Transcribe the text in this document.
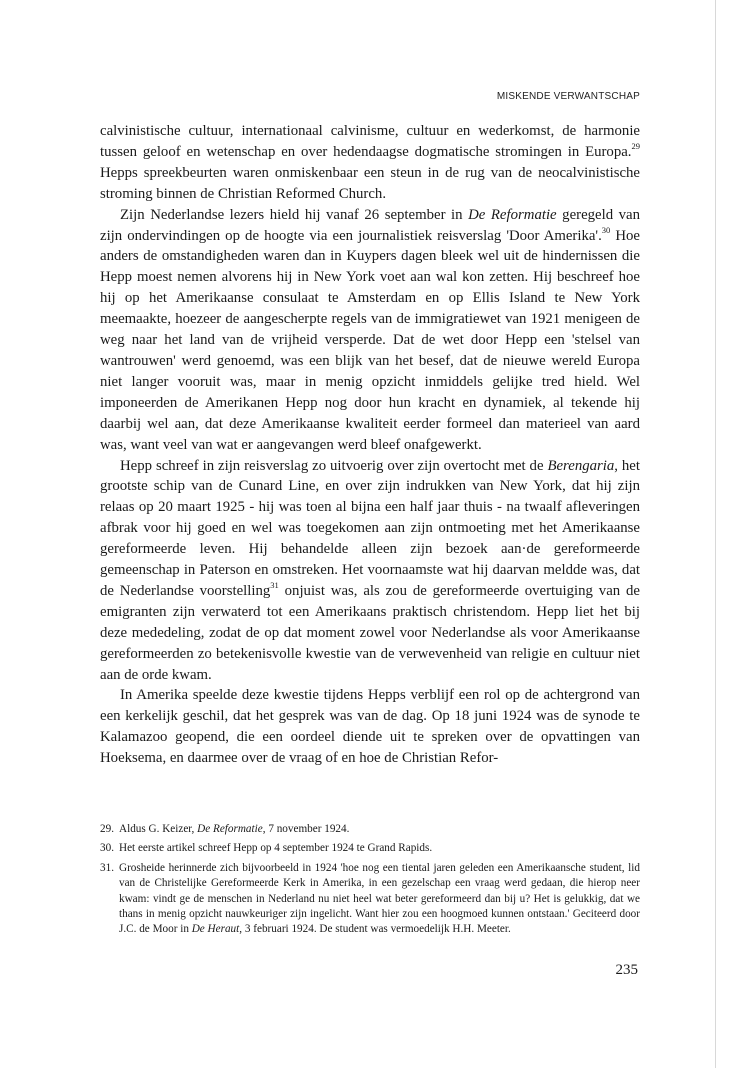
MISKENDE VERWANTSCHAP

calvinistische cultuur, internationaal calvinisme, cultuur en wederkomst, de harmonie tussen geloof en wetenschap en over hedendaagse dogmatische stromingen in Europa.$^{29}$ Hepps spreekbeurten waren onmiskenbaar een steun in de rug van de neocalvinistische stroming binnen de Christian Reformed Church.

Zijn Nederlandse lezers hield hij vanaf 26 september in De Reformatie geregeld van zijn ondervindingen op de hoogte via een journalistiek reisverslag 'Door Amerika'.$^{30}$ Hoe anders de omstandigheden waren dan in Kuypers dagen bleek wel uit de hindernissen die Hepp moest nemen alvorens hij in New York voet aan wal kon zetten. Hij beschreef hoe hij op het Amerikaanse consulaat te Amsterdam en op Ellis Island te New York meemaakte, hoezeer de aangescherpte regels van de immigratiewet van 1921 menigeen de weg naar het land van de vrijheid versperde. Dat de wet door Hepp een 'stelsel van wantrouwen' werd genoemd, was een blijk van het besef, dat de nieuwe wereld Europa niet langer vooruit was, maar in menig opzicht inmiddels gelijke tred hield. Wel imponeerden de Amerikanen Hepp nog door hun kracht en dynamiek, al tekende hij daarbij wel aan, dat deze Amerikaanse kwaliteit eerder formeel dan materieel van aard was, want veel van wat er aangevangen werd bleef onafgewerkt.

Hepp schreef in zijn reisverslag zo uitvoerig over zijn overtocht met de Berengaria, het grootste schip van de Cunard Line, en over zijn indrukken van New York, dat hij zijn relaas op 20 maart 1925 - hij was toen al bijna een half jaar thuis - na twaalf afleveringen afbrak voor hij goed en wel was toegekomen aan zijn ontmoeting met het Amerikaanse gereformeerde leven. Hij behandelde alleen zijn bezoek aan·de gereformeerde gemeenschap in Paterson en omstreken. Het voornaamste wat hij daarvan meldde was, dat de Nederlandse voorstelling$^{31}$ onjuist was, als zou de gereformeerde overtuiging van de emigranten zijn verwaterd tot een Amerikaans praktisch christendom. Hepp liet het bij deze mededeling, zodat de op dat moment zowel voor Nederlandse als voor Amerikaanse gereformeerden zo betekenisvolle kwestie van de verwevenheid van religie en cultuur niet aan de orde kwam.

In Amerika speelde deze kwestie tijdens Hepps verblijf een rol op de achtergrond van een kerkelijk geschil, dat het gesprek was van de dag. Op 18 juni 1924 was de synode te Kalamazoo geopend, die een oordeel diende uit te spreken over de opvattingen van Hoeksema, en daarmee over de vraag of en hoe de Christian Refor-

29. Aldus G. Keizer, De Reformatie, 7 november 1924.
30. Het eerste artikel schreef Hepp op 4 september 1924 te Grand Rapids.
31. Grosheide herinnerde zich bijvoorbeeld in 1924 'hoe nog een tiental jaren geleden een Amerikaansche student, lid van de Christelijke Gereformeerde Kerk in Amerika, in een gezelschap een vraag werd gedaan, die hierop neer kwam: vindt ge de menschen in Nederland nu niet heel wat beter gereformeerd dan bij u? Het is gelukkig, dat we thans in menig opzicht nauwkeuriger zijn ingelicht. Want hier zou een hoogmoed kunnen ontstaan.' Geciteerd door J.C. de Moor in De Heraut, 3 februari 1924. De student was vermoedelijk H.H. Meeter.
235
